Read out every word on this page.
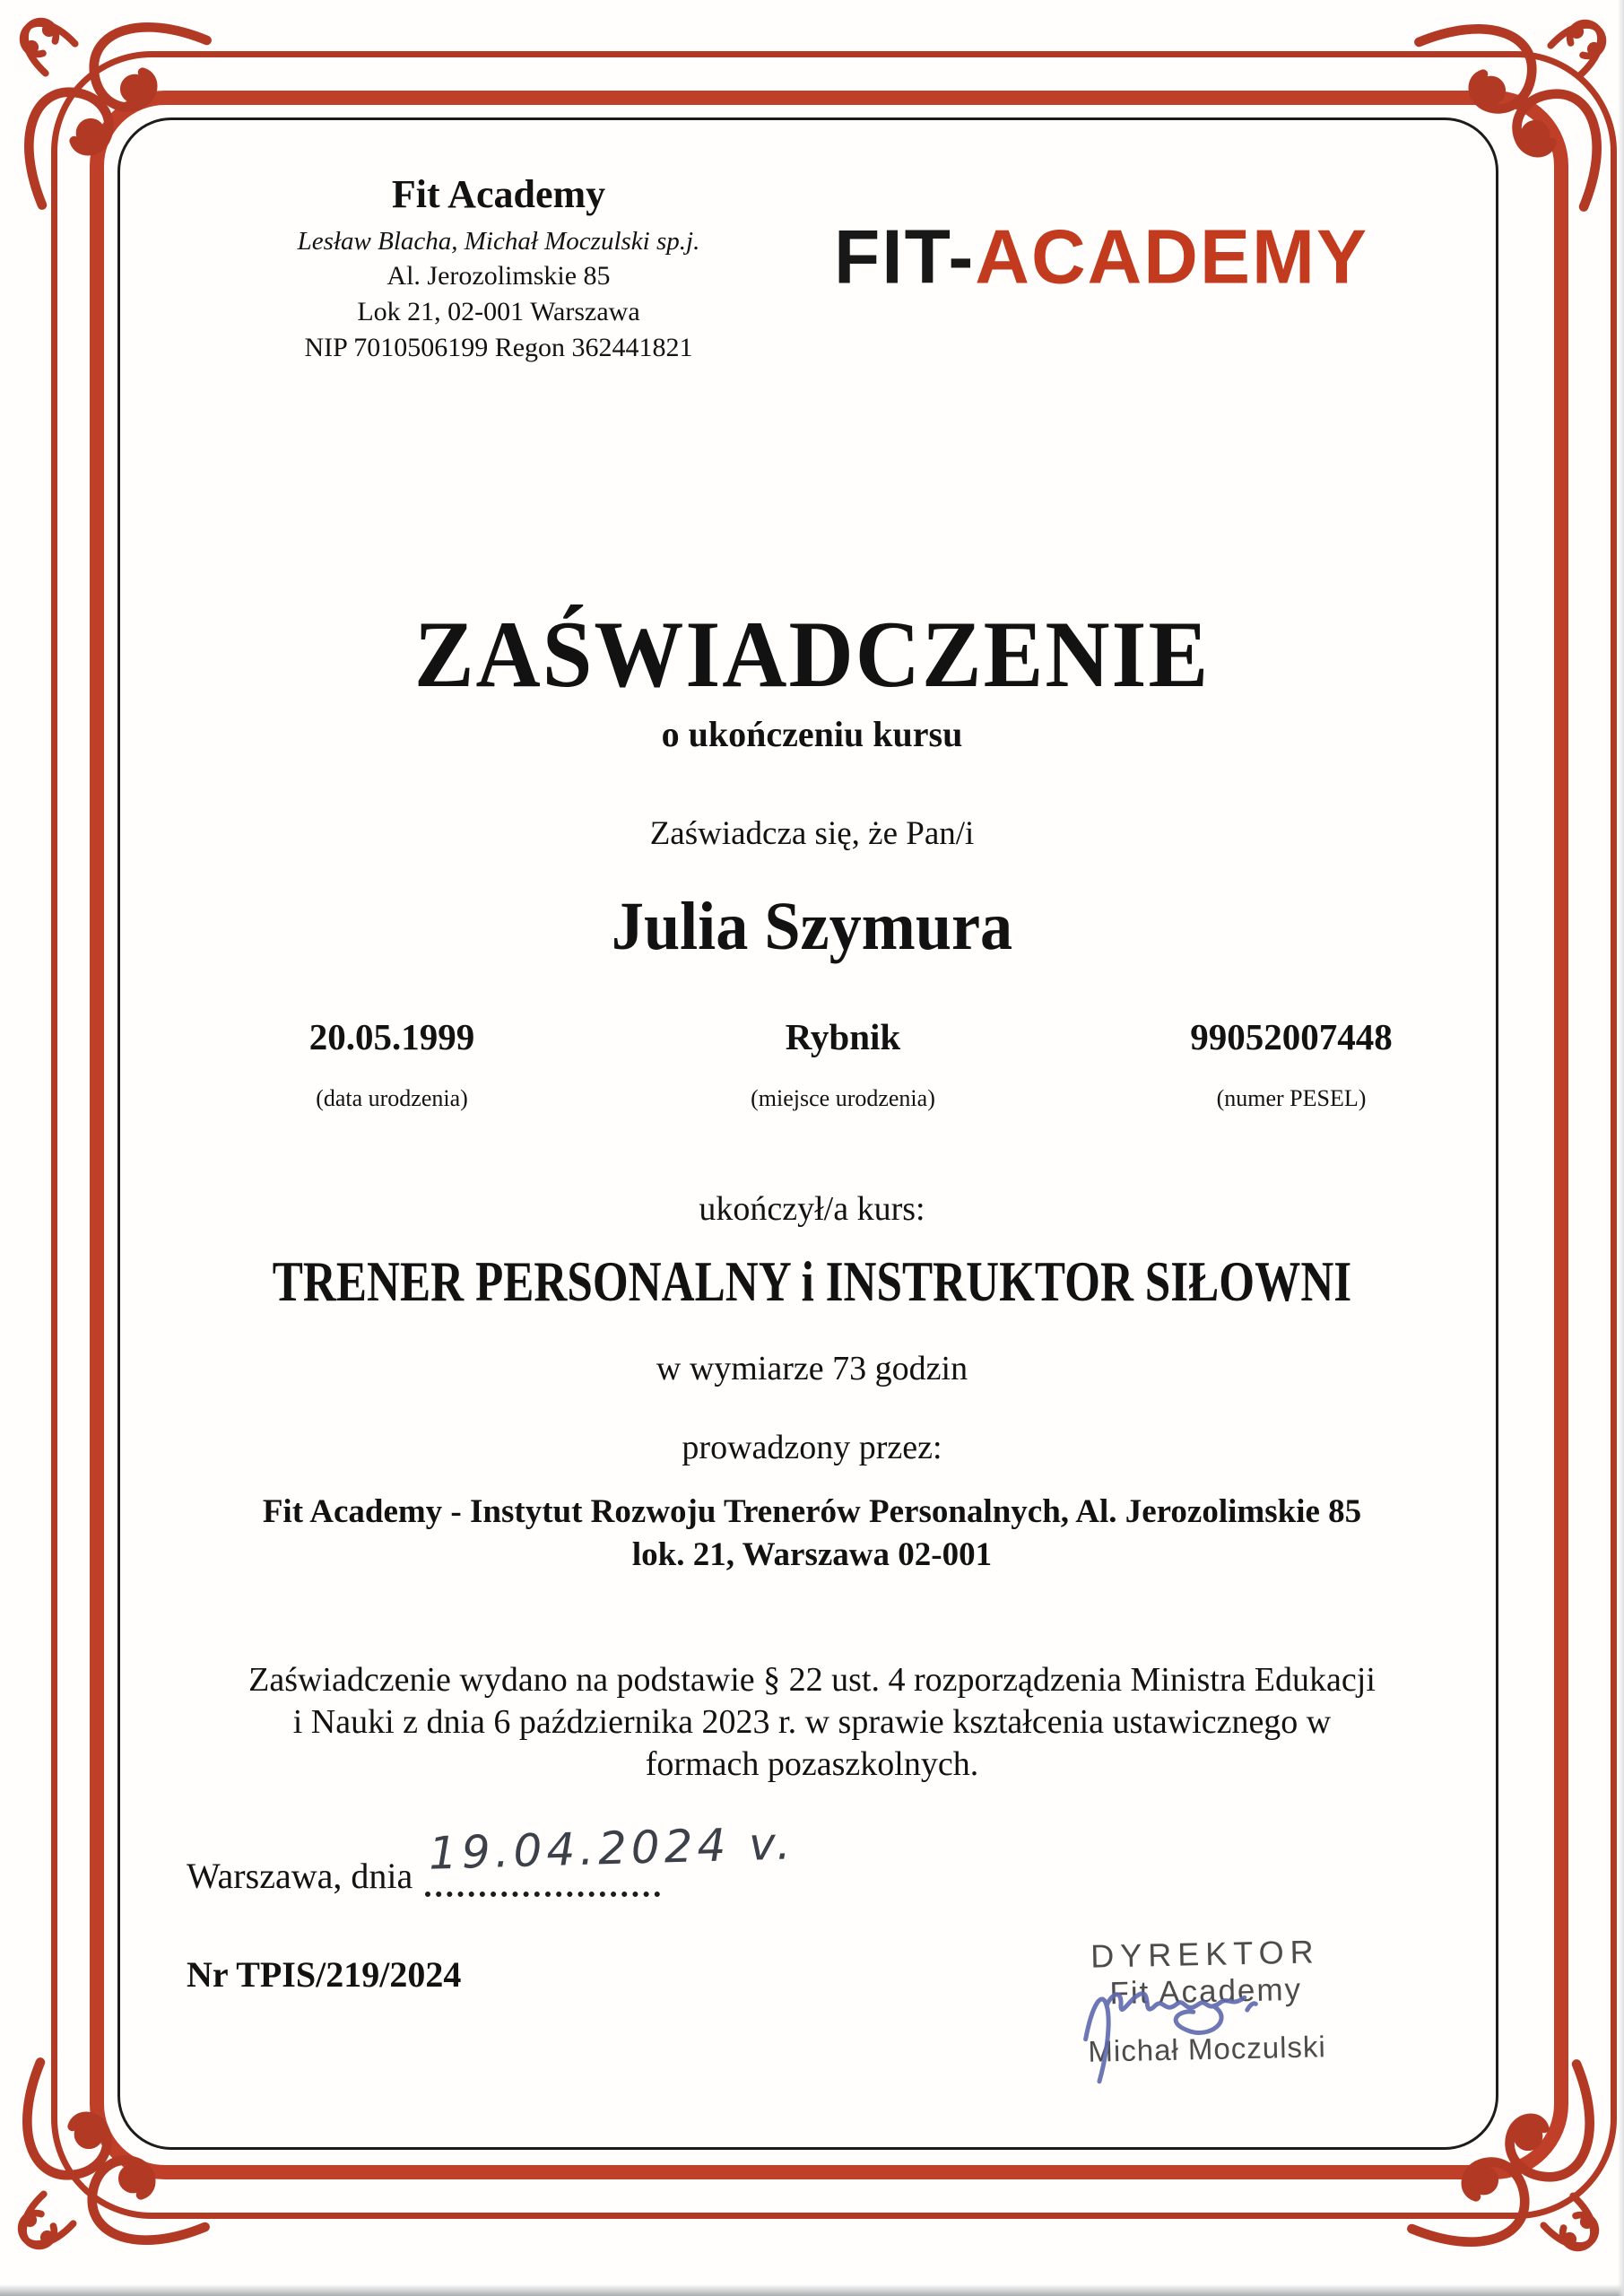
Fit Academy
Lesław Blacha, Michał Moczulski sp.j.
Al. Jerozolimskie 85
Lok 21, 02-001 Warszawa
NIP 7010506199 Regon 362441821
FIT-ACADEMY
ZAŚWIADCZENIE
o ukończeniu kursu
Zaświadcza się, że Pan/i
Julia Szymura
20.05.1999
(data urodzenia)
Rybnik
(miejsce urodzenia)
99052007448
(numer PESEL)
ukończył/a kurs:
TRENER PERSONALNY i INSTRUKTOR SIŁOWNI
w wymiarze 73 godzin
prowadzony przez:
Fit Academy - Instytut Rozwoju Trenerów Personalnych, Al. Jerozolimskie 85
lok. 21, Warszawa 02-001
Zaświadczenie wydano na podstawie § 22 ust. 4 rozporządzenia Ministra Edukacji
i Nauki z dnia 6 października 2023 r. w sprawie kształcenia ustawicznego w
formach pozaszkolnych.
Warszawa, dnia 19.04.2024 v.
Nr TPIS/219/2024	DYREKTOR
Fit Academy
Michał Moczulski
